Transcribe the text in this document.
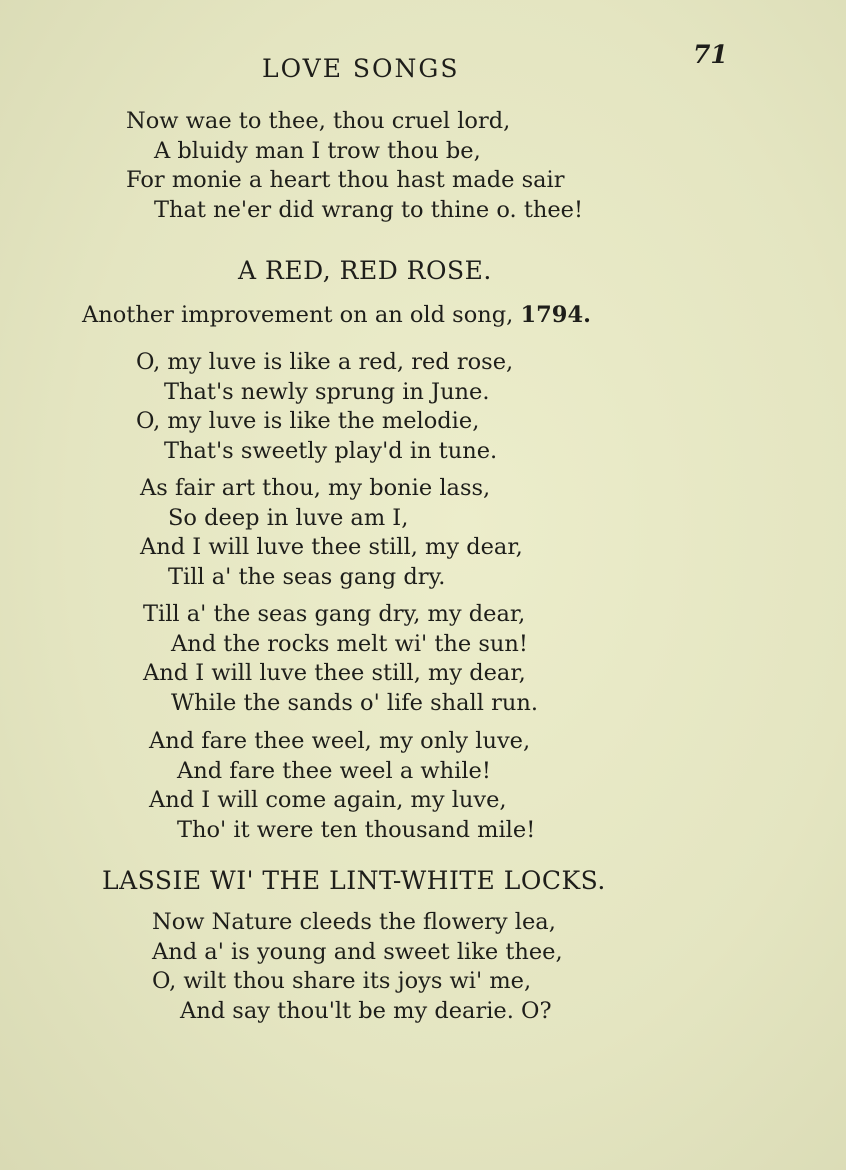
LOVE SONGS	71
Now wae to thee, thou cruel lord,
A bluidy man I trow thou be,
For monie a heart thou hast made sair
That ne'er did wrang to thine o. thee!
A RED, RED ROSE.
Another improvement on an old song, 1794.
O, my luve is like a red, red rose,
That's newly sprung in June.
O, my luve is like the melodie,
That's sweetly play'd in tune.
As fair art thou, my bonie lass,
So deep in luve am I,
And I will luve thee still, my dear,
Till a' the seas gang dry.
Till a' the seas gang dry, my dear,
And the rocks melt wi' the sun!
And I will luve thee still, my dear,
While the sands o' life shall run.
And fare thee weel, my only luve,
And fare thee weel a while!
And I will come again, my luve,
Tho' it were ten thousand mile!
LASSIE WI' THE LINT-WHITE LOCKS.
Now Nature cleeds the flowery lea,
And a' is young and sweet like thee,
O, wilt thou share its joys wi' me,
And say thou'lt be my dearie. O?
